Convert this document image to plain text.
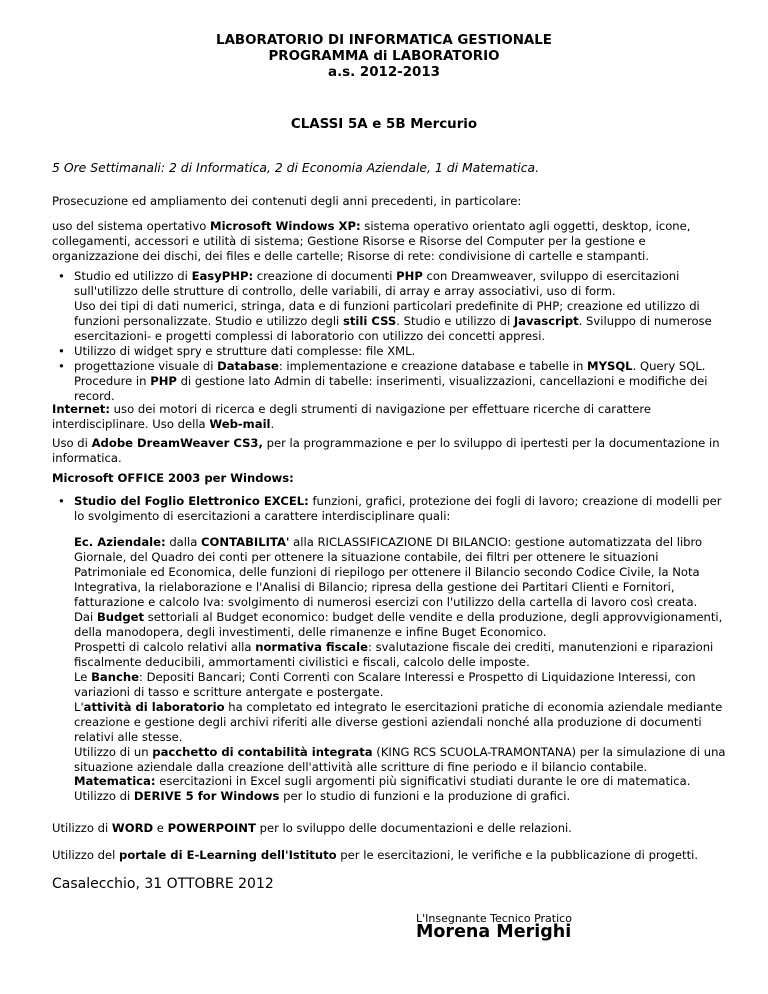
LABORATORIO DI INFORMATICA GESTIONALE
PROGRAMMA di LABORATORIO
a.s. 2012-2013
CLASSI 5A e 5B Mercurio
5 Ore Settimanali: 2 di Informatica, 2 di Economia Aziendale, 1 di Matematica.
Prosecuzione ed ampliamento dei contenuti degli anni precedenti, in particolare:
uso del sistema opertativo Microsoft Windows XP: sistema operativo orientato agli oggetti, desktop, icone, collegamenti, accessori e utilità di sistema; Gestione Risorse e Risorse del Computer per la gestione e organizzazione dei dischi, dei files e delle cartelle; Risorse di rete: condivisione di cartelle e stampanti.
• Studio ed utilizzo di EasyPHP: creazione di documenti PHP con Dreamweaver, sviluppo di esercitazioni sull'utilizzo delle strutture di controllo, delle variabili, di array e array associativi, uso di form.
Uso dei tipi di dati numerici, stringa, data e di funzioni particolari predefinite di PHP; creazione ed utilizzo di funzioni personalizzate. Studio e utilizzo degli stili CSS. Studio e utilizzo di Javascript. Sviluppo di numerose esercitazioni- e progetti complessi di laboratorio con utilizzo dei concetti appresi.
• Utilizzo di widget spry e strutture dati complesse: file XML.
• progettazione visuale di Database: implementazione e creazione database e tabelle in MYSQL. Query SQL.
Procedure in PHP di gestione lato Admin di tabelle: inserimenti, visualizzazioni, cancellazioni e modifiche dei record.
Internet: uso dei motori di ricerca e degli strumenti di navigazione per effettuare ricerche di carattere interdisciplinare. Uso della Web-mail.
Uso di Adobe DreamWeaver CS3, per la programmazione e per lo sviluppo di ipertesti per la documentazione in informatica.
Microsoft OFFICE 2003 per Windows:
• Studio del Foglio Elettronico EXCEL: funzioni, grafici, protezione dei fogli di lavoro; creazione di modelli per lo svolgimento di esercitazioni a carattere interdisciplinare quali:
Ec. Aziendale: dalla CONTABILITA' alla RICLASSIFICAZIONE DI BILANCIO: gestione automatizzata del libro Giornale, del Quadro dei conti per ottenere la situazione contabile, dei filtri per ottenere le situazioni Patrimoniale ed Economica, delle funzioni di riepilogo per ottenere il Bilancio secondo Codice Civile, la Nota Integrativa, la rielaborazione e l'Analisi di Bilancio; ripresa della gestione dei Partitari Clienti e Fornitori, fatturazione e calcolo Iva: svolgimento di numerosi esercizi con l'utilizzo della cartella di lavoro così creata.
Dai Budget settoriali al Budget economico: budget delle vendite e della produzione, degli approvvigionamenti, della manodopera, degli investimenti, delle rimanenze e infine Buget Economico.
Prospetti di calcolo relativi alla normativa fiscale: svalutazione fiscale dei crediti, manutenzioni e riparazioni fiscalmente deducibili, ammortamenti civilistici e fiscali, calcolo delle imposte.
Le Banche: Depositi Bancari; Conti Correnti con Scalare Interessi e Prospetto di Liquidazione Interessi, con variazioni di tasso e scritture antergate e postergate.
L'attività di laboratorio ha completato ed integrato le esercitazioni pratiche di economia aziendale mediante creazione e gestione degli archivi riferiti alle diverse gestioni aziendali nonché alla produzione di documenti relativi alle stesse.
Utilizzo di un pacchetto di contabilità integrata (KING RCS SCUOLA-TRAMONTANA) per la simulazione di una situazione aziendale dalla creazione dell'attività alle scritture di fine periodo e il bilancio contabile.
Matematica: esercitazioni in Excel sugli argomenti più significativi studiati durante le ore di matematica.
Utilizzo di DERIVE 5 for Windows per lo studio di funzioni e la produzione di grafici.
Utilizzo di WORD e POWERPOINT per lo sviluppo delle documentazioni e delle relazioni.
Utilizzo del portale di E-Learning dell'Istituto per le esercitazioni, le verifiche e la pubblicazione di progetti.
Casalecchio, 31 OTTOBRE 2012
L'Insegnante Tecnico Pratico
Morena Merighi
